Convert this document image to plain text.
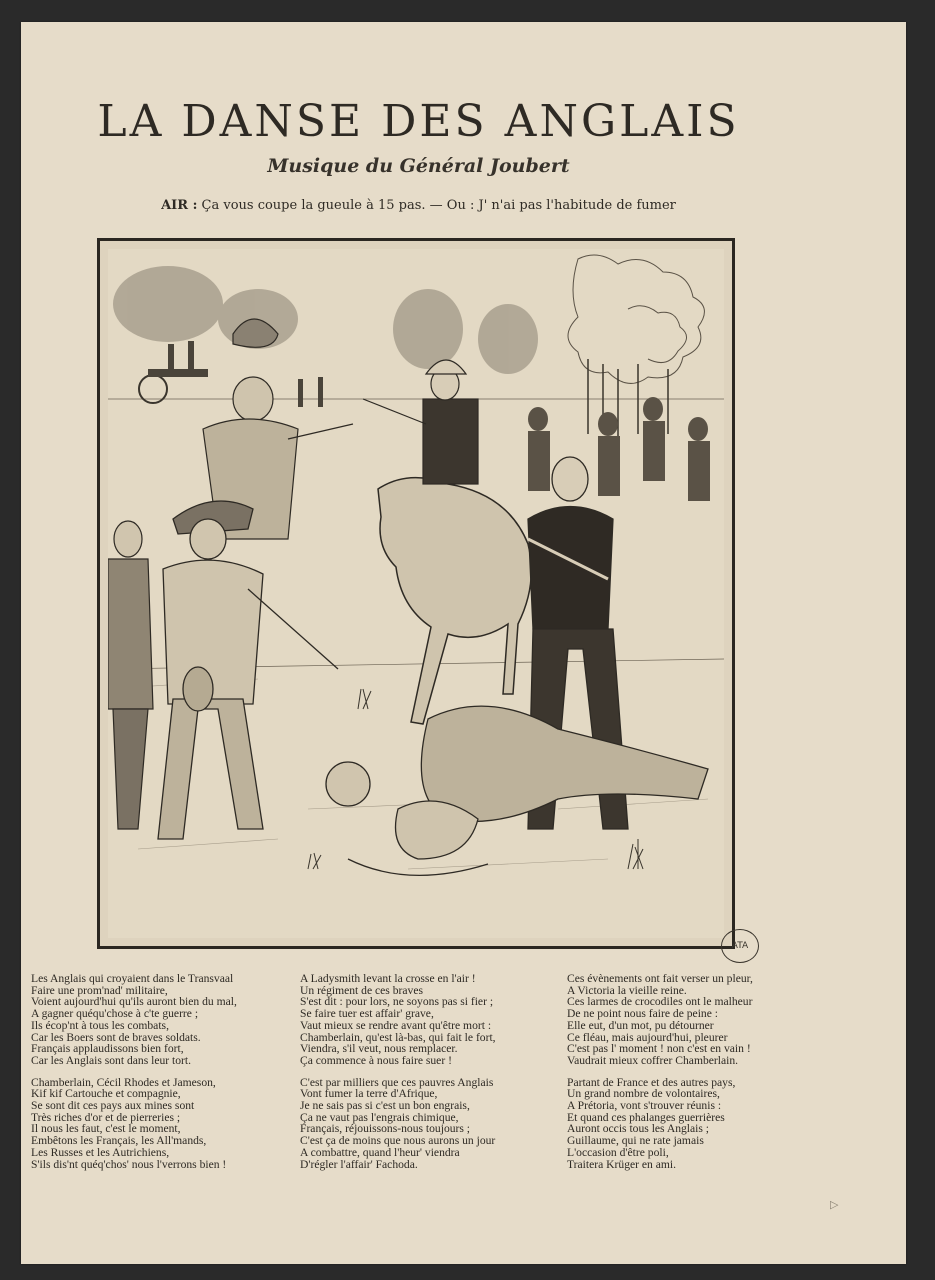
LA DANSE DES ANGLAIS
Musique du Général Joubert
AIR : Ça vous coupe la gueule à 15 pas. — Ou : J' n'ai pas l'habitude de fumer
ATA
Les Anglais qui croyaient dans le Transvaal
Faire une prom'nad' militaire,
Voient aujourd'hui qu'ils auront bien du mal,
A gagner quéqu'chose à c'te guerre ;
Ils écop'nt à tous les combats,
Car les Boers sont de braves soldats.
Français applaudissons bien fort,
Car les Anglais sont dans leur tort.
Chamberlain, Cécil Rhodes et Jameson,
Kif kif Cartouche et compagnie,
Se sont dit ces pays aux mines sont
Très riches d'or et de pierreries ;
Il nous les faut, c'est le moment,
Embêtons les Français, les All'mands,
Les Russes et les Autrichiens,
S'ils dis'nt quéq'chos' nous l'verrons bien !
A Ladysmith levant la crosse en l'air !
Un régiment de ces braves
S'est dit : pour lors, ne soyons pas si fier ;
Se faire tuer est affair' grave,
Vaut mieux se rendre avant qu'être mort :
Chamberlain, qu'est là-bas, qui fait le fort,
Viendra, s'il veut, nous remplacer.
Ça commence à nous faire suer !
C'est par milliers que ces pauvres Anglais
Vont fumer la terre d'Afrique,
Je ne sais pas si c'est un bon engrais,
Ça ne vaut pas l'engrais chimique,
Français, réjouissons-nous toujours ;
C'est ça de moins que nous aurons un jour
A combattre, quand l'heur' viendra
D'régler l'affair' Fachoda.
Ces évènements ont fait verser un pleur,
A Victoria la vieille reine.
Ces larmes de crocodiles ont le malheur
De ne point nous faire de peine :
Elle eut, d'un mot, pu détourner
Ce fléau, mais aujourd'hui, pleurer
C'est pas l' moment ! non c'est en vain !
Vaudrait mieux coffrer Chamberlain.
Partant de France et des autres pays,
Un grand nombre de volontaires,
A Prétoria, vont s'trouver réunis :
Et quand ces phalanges guerrières
Auront occis tous les Anglais ;
Guillaume, qui ne rate jamais
L'occasion d'être poli,
Traitera Krüger en ami.
▷
